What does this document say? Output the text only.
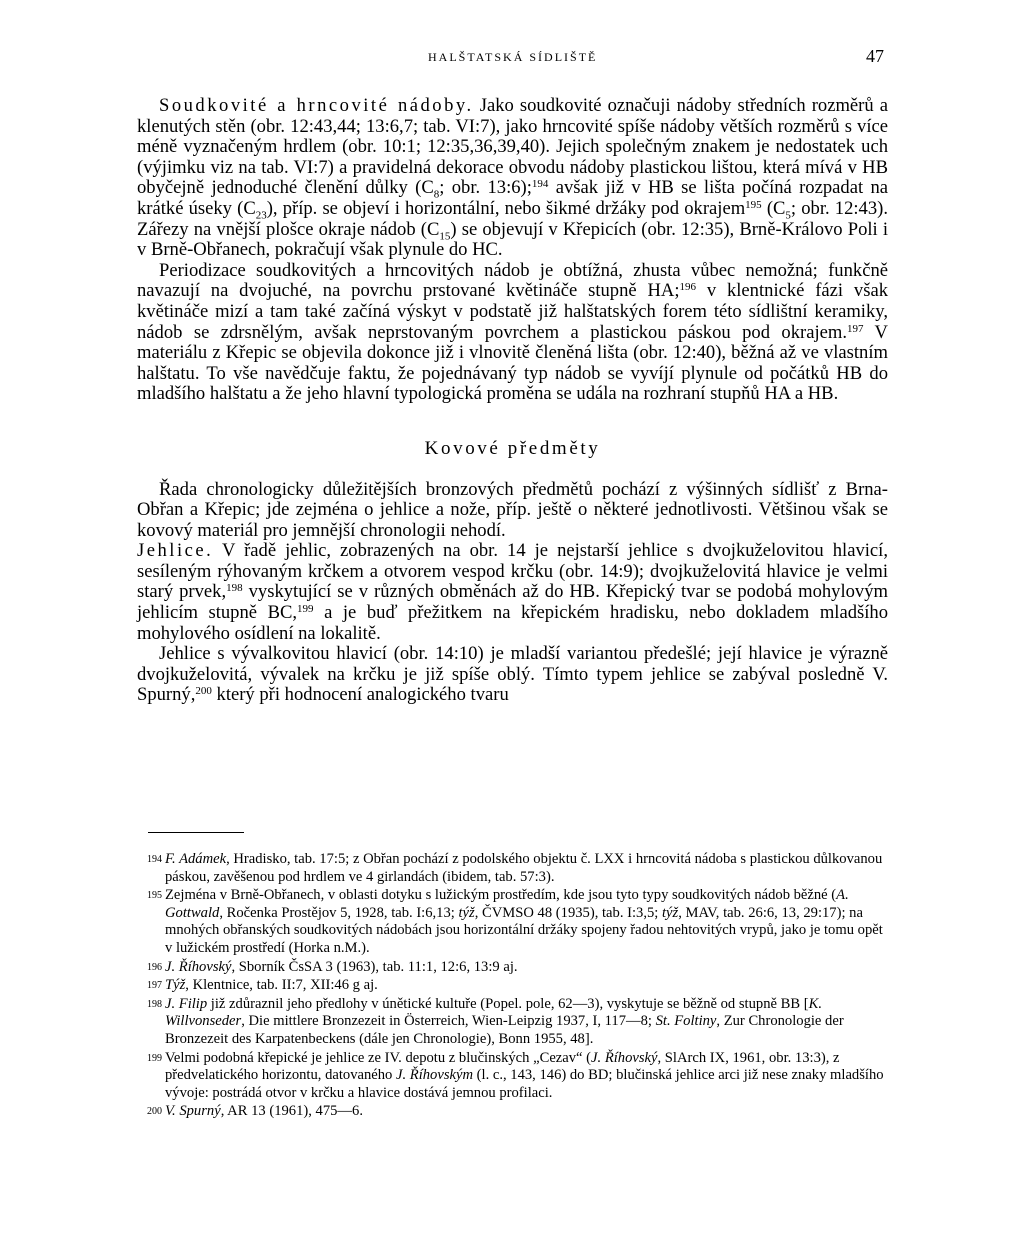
HALŠTATSKÁ SÍDLIŠTĚ	47

Soudkovité a hrncovité nádoby. Jako soudkovité označuji nádoby středních rozměrů a klenutých stěn (obr. 12:43,44; 13:6,7; tab. VI:7), jako hrncovité spíše nádoby větších rozměrů s více méně vyznačeným hrdlem (obr. 10:1; 12:35,36,39,40). Jejich společným znakem je nedostatek uch (výjimku viz na tab. VI:7) a pravidelná dekorace obvodu nádoby plastickou lištou, která mívá v HB obyčejně jednoduché členění důlky ($C_8$; obr. 13:6);$^{194}$ avšak již v HB se lišta počíná rozpadat na krátké úseky $(C_{23})$, příp. se objeví i horizontální, nebo šikmé držáky pod okrajem$^{195}$ ($C_5$; obr. 12:43). Zářezy na vnější plošce okraje nádob $(C_{15})$ se objevují v Křepicích (obr. 12:35), Brně-Královo Poli i v Brně-Obřanech, pokračují však plynule do HC.

Periodizace soudkovitých a hrncovitých nádob je obtížná, zhusta vůbec nemožná; funkčně navazují na dvojuché, na povrchu prstované květináče stupně HA;$^{196}$ v klentnické fázi však květináče mizí a tam také začíná výskyt v podstatě již halštatských forem této sídlištní keramiky, nádob se zdrsnělým, avšak neprstovaným povrchem a plastickou páskou pod okrajem.$^{197}$ V materiálu z Křepic se objevila dokonce již i vlnovitě členěná lišta (obr. 12:40), běžná až ve vlastním halštatu. To vše navědčuje faktu, že pojednávaný typ nádob se vyvíjí plynule od počátků HB do mladšího halštatu a že jeho hlavní typologická proměna se udála na rozhraní stupňů HA a HB.

Kovové předměty

Řada chronologicky důležitějších bronzových předmětů pochází z výšinných sídlišť z Brna-Obřan a Křepic; jde zejména o jehlice a nože, příp. ještě o některé jednotlivosti. Většinou však se kovový materiál pro jemnější chronologii nehodí.

Jehlice. V řadě jehlic, zobrazených na obr. 14 je nejstarší jehlice s dvojkuželovitou hlavicí, sesíleným rýhovaným krčkem a otvorem vespod krčku (obr. 14:9); dvojkuželovitá hlavice je velmi starý prvek,$^{198}$ vyskytující se v různých obměnách až do HB. Křepický tvar se podobá mohylovým jehlicím stupně BC,$^{199}$ a je buď přežitkem na křepickém hradisku, nebo dokladem mladšího mohylového osídlení na lokalitě.

Jehlice s vývalkovitou hlavicí (obr. 14:10) je mladší variantou předešlé; její hlavice je výrazně dvojkuželovitá, vývalek na krčku je již spíše oblý. Tímto typem jehlice se zabýval posledně V. Spurný,$^{200}$ který při hodnocení analogického tvaru

194 F. Adámek, Hradisko, tab. 17:5; z Obřan pochází z podolského objektu č. LXX i hrncovitá nádoba s plastickou důlkovanou páskou, zavěšenou pod hrdlem ve 4 girlandách (ibidem, tab. 57:3).
195 Zejména v Brně-Obřanech, v oblasti dotyku s lužickým prostředím, kde jsou tyto typy soudkovitých nádob běžné (A. Gottwald, Ročenka Prostějov 5, 1928, tab. I:6,13; týž, ČVMSO 48 (1935), tab. I:3,5; týž, MAV, tab. 26:6, 13, 29:17); na mnohých obřanských soudkovitých nádobách jsou horizontální držáky spojeny řadou nehtovitých vrypů, jako je tomu opět v lužickém prostředí (Horka n.M.).
196 J. Říhovský, Sborník ČsSA 3 (1963), tab. 11:1, 12:6, 13:9 aj.
197 Týž, Klentnice, tab. II:7, XII:46 g aj.
198 J. Filip již zdůraznil jeho předlohy v únětické kultuře (Popel. pole, 62—3), vyskytuje se běžně od stupně BB [K. Willvonseder, Die mittlere Bronzezeit in Österreich, Wien-Leipzig 1937, I, 117—8; St. Foltiny, Zur Chronologie der Bronzezeit des Karpatenbeckens (dále jen Chronologie), Bonn 1955, 48].
199 Velmi podobná křepické je jehlice ze IV. depotu z blučinských „Cezav“ (J. Říhovský, SlArch IX, 1961, obr. 13:3), z předvelatického horizontu, datovaného J. Říhovským (l. c., 143, 146) do BD; blučinská jehlice arci již nese znaky mladšího vývoje: postrádá otvor v krčku a hlavice dostává jemnou profilaci.
200 V. Spurný, AR 13 (1961), 475—6.
